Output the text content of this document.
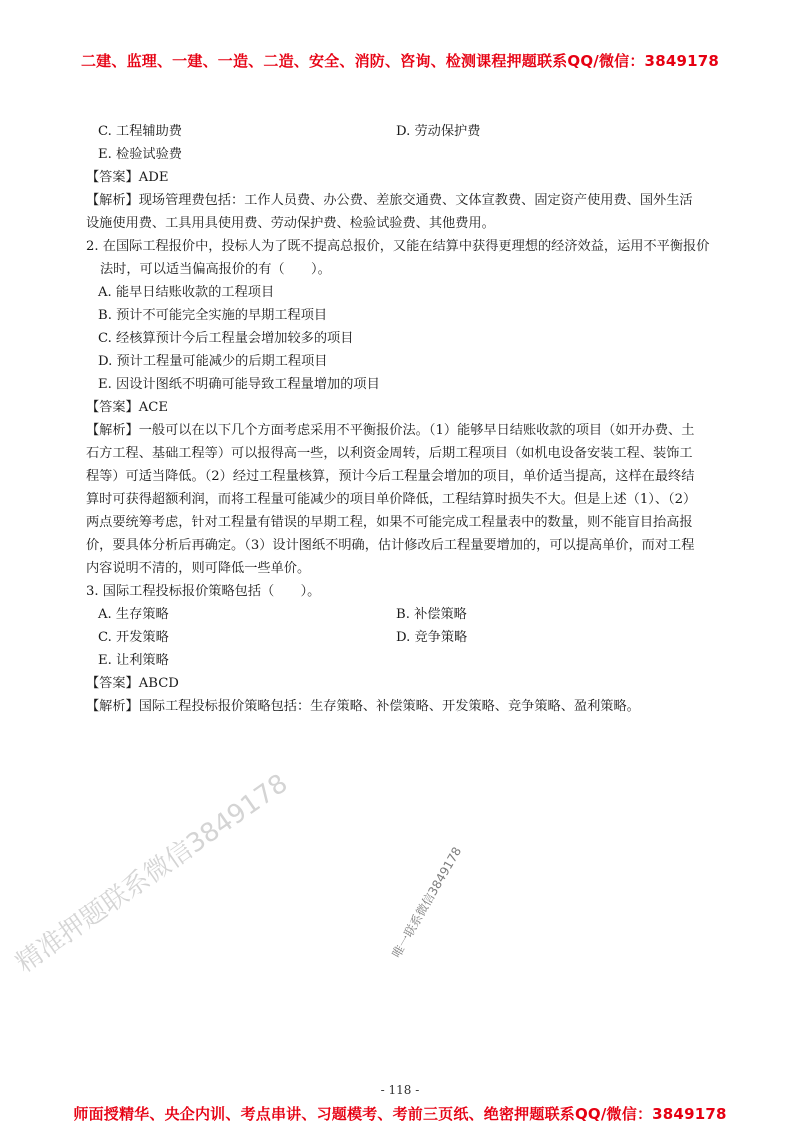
二建、监理、一建、一造、二造、安全、消防、咨询、检测课程押题联系QQ/微信：3849178
C. 工程辅助费	D. 劳动保护费
E. 检验试验费
【答案】ADE
【解析】现场管理费包括：工作人员费、办公费、差旅交通费、文体宣教费、固定资产使用费、国外生活
设施使用费、工具用具使用费、劳动保护费、检验试验费、其他费用。
2. 在国际工程报价中，投标人为了既不提高总报价，又能在结算中获得更理想的经济效益，运用不平衡报价
法时，可以适当偏高报价的有（　　）。
A. 能早日结账收款的工程项目
B. 预计不可能完全实施的早期工程项目
C. 经核算预计今后工程量会增加较多的项目
D. 预计工程量可能减少的后期工程项目
E. 因设计图纸不明确可能导致工程量增加的项目
【答案】ACE
【解析】一般可以在以下几个方面考虑采用不平衡报价法。（1）能够早日结账收款的项目（如开办费、土
石方工程、基础工程等）可以报得高一些，以利资金周转，后期工程项目（如机电设备安装工程、装饰工
程等）可适当降低。（2）经过工程量核算，预计今后工程量会增加的项目，单价适当提高，这样在最终结
算时可获得超额利润，而将工程量可能减少的项目单价降低，工程结算时损失不大。但是上述（1）、（2）
两点要统筹考虑，针对工程量有错误的早期工程，如果不可能完成工程量表中的数量，则不能盲目抬高报
价，要具体分析后再确定。（3）设计图纸不明确，估计修改后工程量要增加的，可以提高单价，而对工程
内容说明不清的，则可降低一些单价。
3. 国际工程投标报价策略包括（　　）。
A. 生存策略	B. 补偿策略
C. 开发策略	D. 竞争策略
E. 让利策略
【答案】ABCD
【解析】国际工程投标报价策略包括：生存策略、补偿策略、开发策略、竞争策略、盈利策略。
精准押题联系微信3849178	唯一联系微信3849178
- 118 -
师面授精华、央企内训、考点串讲、习题模考、考前三页纸、绝密押题联系QQ/微信：3849178
